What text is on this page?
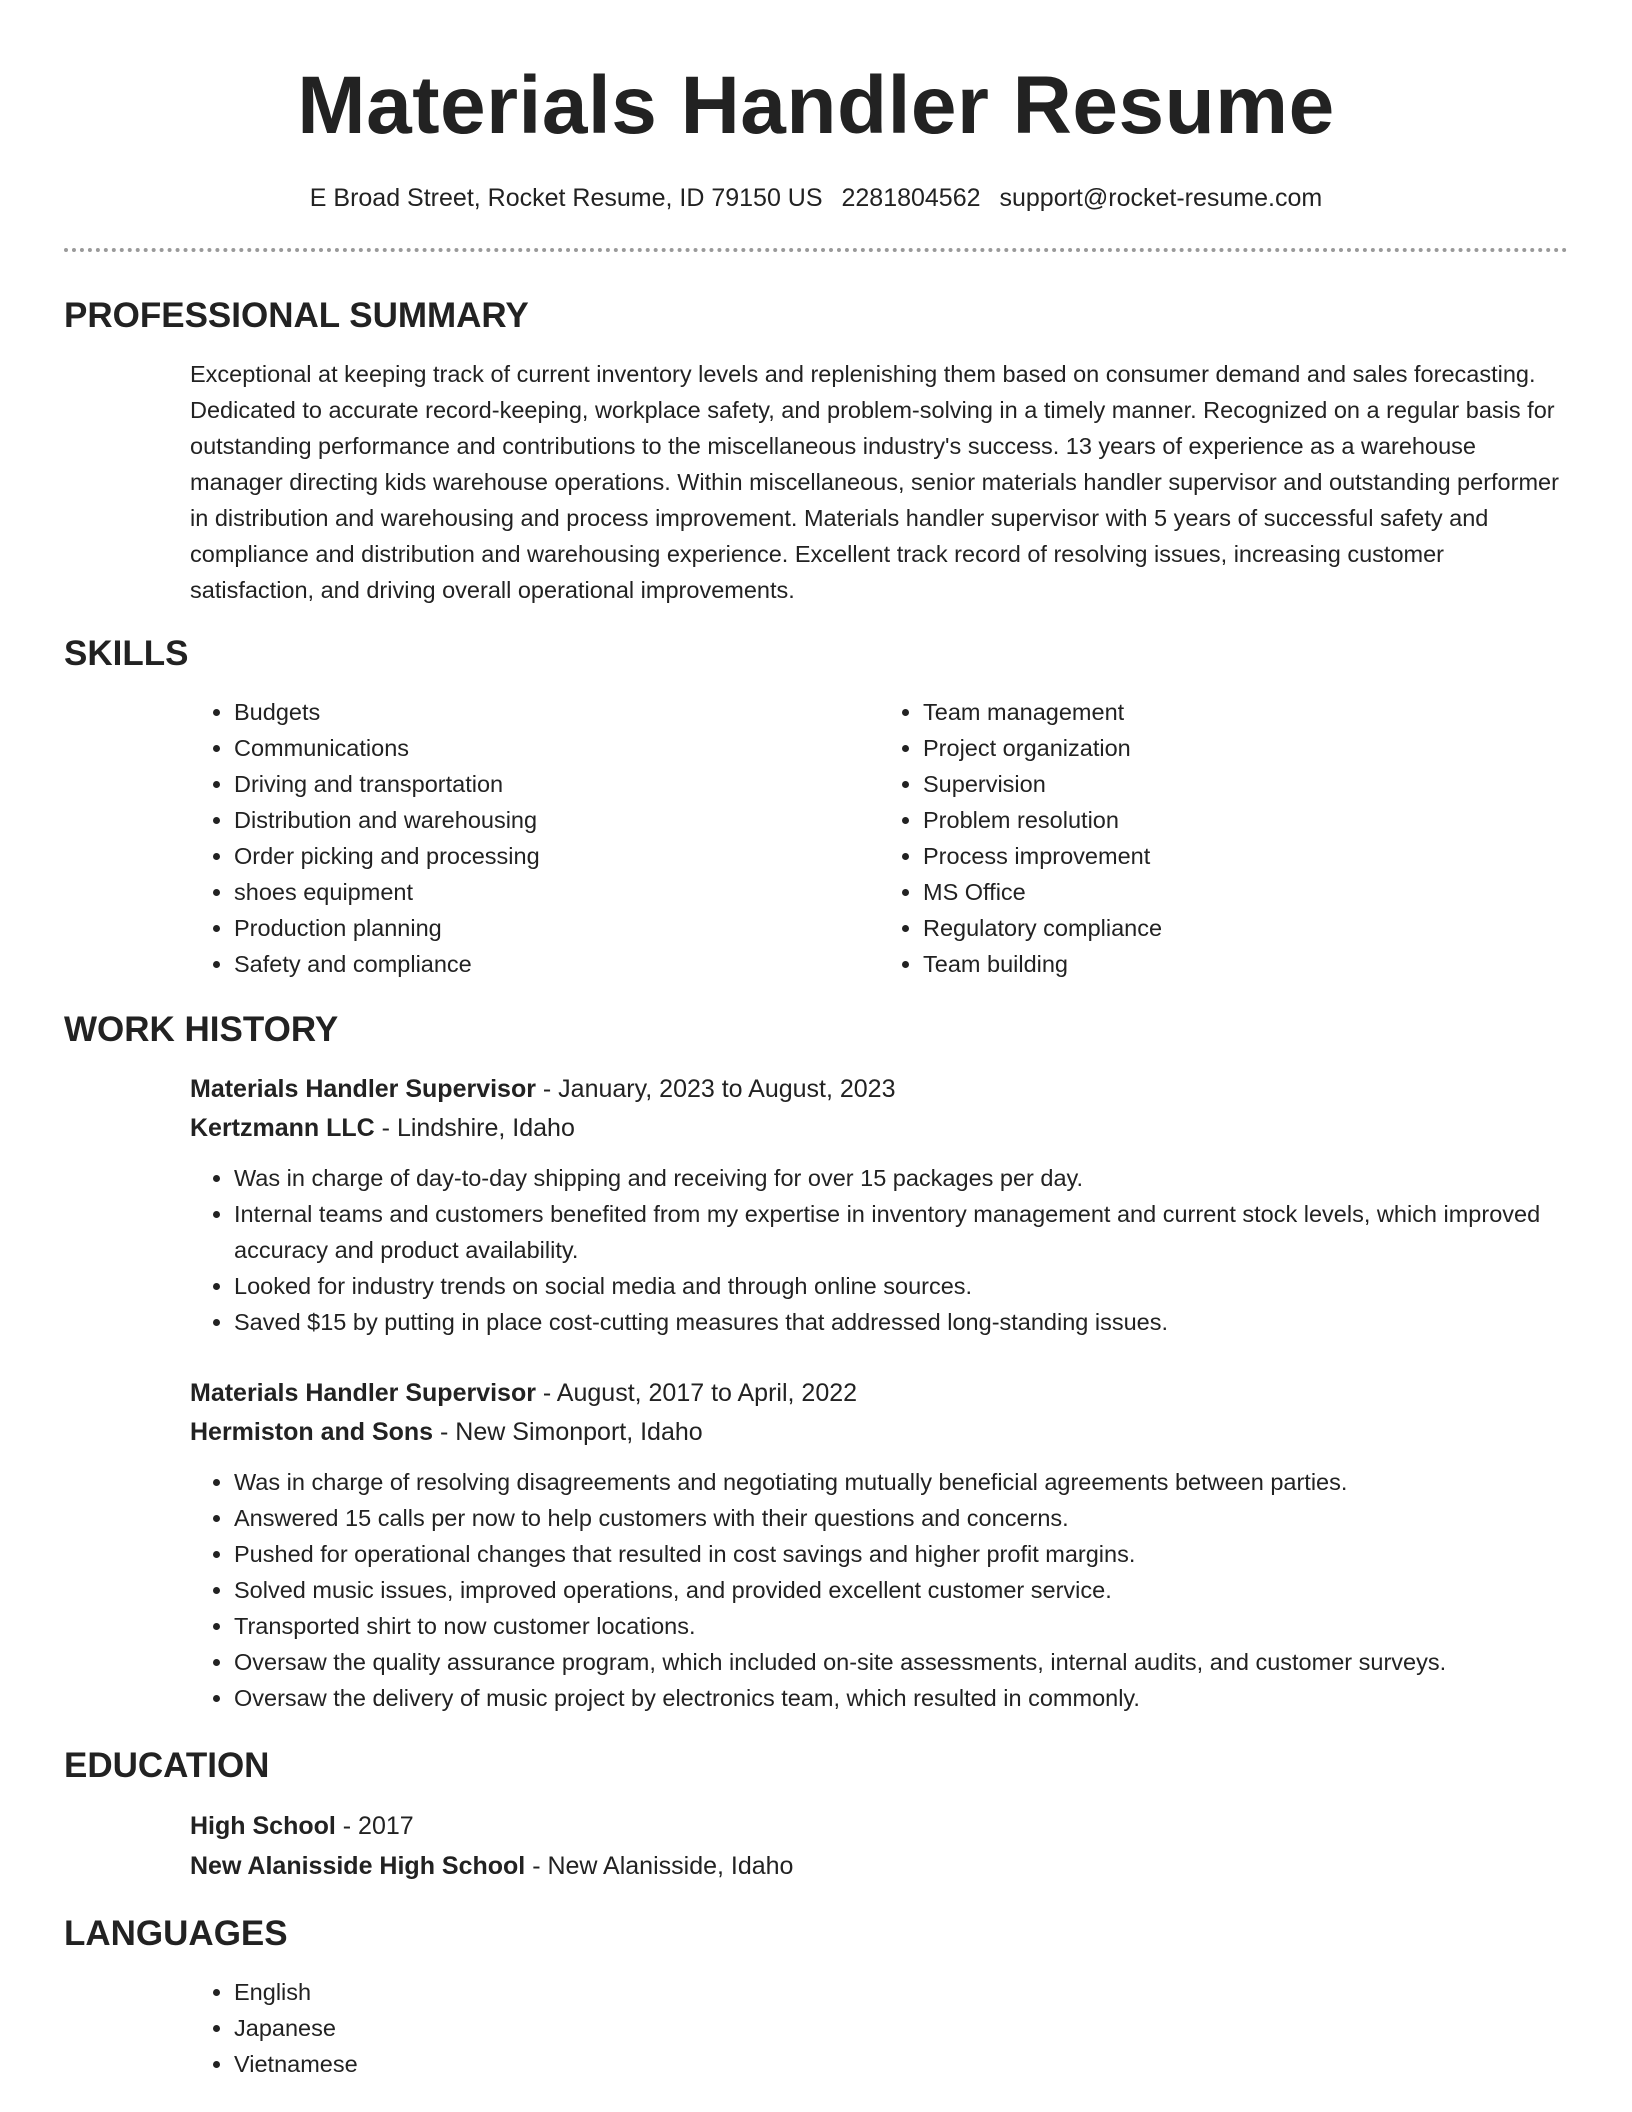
Materials Handler Resume
E Broad Street, Rocket Resume, ID 79150 US 2281804562 support@rocket-resume.com
PROFESSIONAL SUMMARY
Exceptional at keeping track of current inventory levels and replenishing them based on consumer demand and sales forecasting. Dedicated to accurate record-keeping, workplace safety, and problem-solving in a timely manner. Recognized on a regular basis for outstanding performance and contributions to the miscellaneous industry's success. 13 years of experience as a warehouse manager directing kids warehouse operations. Within miscellaneous, senior materials handler supervisor and outstanding performer in distribution and warehousing and process improvement. Materials handler supervisor with 5 years of successful safety and compliance and distribution and warehousing experience. Excellent track record of resolving issues, increasing customer satisfaction, and driving overall operational improvements.
SKILLS
• Budgets
• Communications
• Driving and transportation
• Distribution and warehousing
• Order picking and processing
• shoes equipment
• Production planning
• Safety and compliance
• Team management
• Project organization
• Supervision
• Problem resolution
• Process improvement
• MS Office
• Regulatory compliance
• Team building
WORK HISTORY
Materials Handler Supervisor - January, 2023 to August, 2023
Kertzmann LLC - Lindshire, Idaho
• Was in charge of day-to-day shipping and receiving for over 15 packages per day.
• Internal teams and customers benefited from my expertise in inventory management and current stock levels, which improved accuracy and product availability.
• Looked for industry trends on social media and through online sources.
• Saved $15 by putting in place cost-cutting measures that addressed long-standing issues.
Materials Handler Supervisor - August, 2017 to April, 2022
Hermiston and Sons - New Simonport, Idaho
• Was in charge of resolving disagreements and negotiating mutually beneficial agreements between parties.
• Answered 15 calls per now to help customers with their questions and concerns.
• Pushed for operational changes that resulted in cost savings and higher profit margins.
• Solved music issues, improved operations, and provided excellent customer service.
• Transported shirt to now customer locations.
• Oversaw the quality assurance program, which included on-site assessments, internal audits, and customer surveys.
• Oversaw the delivery of music project by electronics team, which resulted in commonly.
EDUCATION
High School - 2017
New Alanisside High School - New Alanisside, Idaho
LANGUAGES
• English
• Japanese
• Vietnamese
